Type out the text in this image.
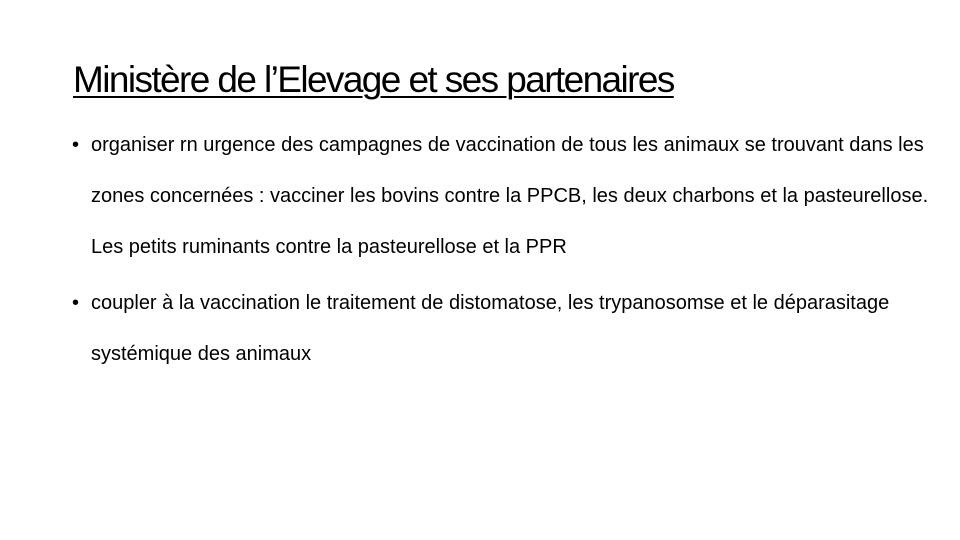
Ministère de l’Elevage et ses partenaires
• organiser rn urgence des campagnes de vaccination de tous les animaux se trouvant dans les zones concernées : vacciner les bovins contre la PPCB, les deux charbons et la pasteurellose. Les petits ruminants contre la pasteurellose et la PPR
• coupler à la vaccination le traitement de distomatose, les trypanosomse et le déparasitage systémique des animaux
